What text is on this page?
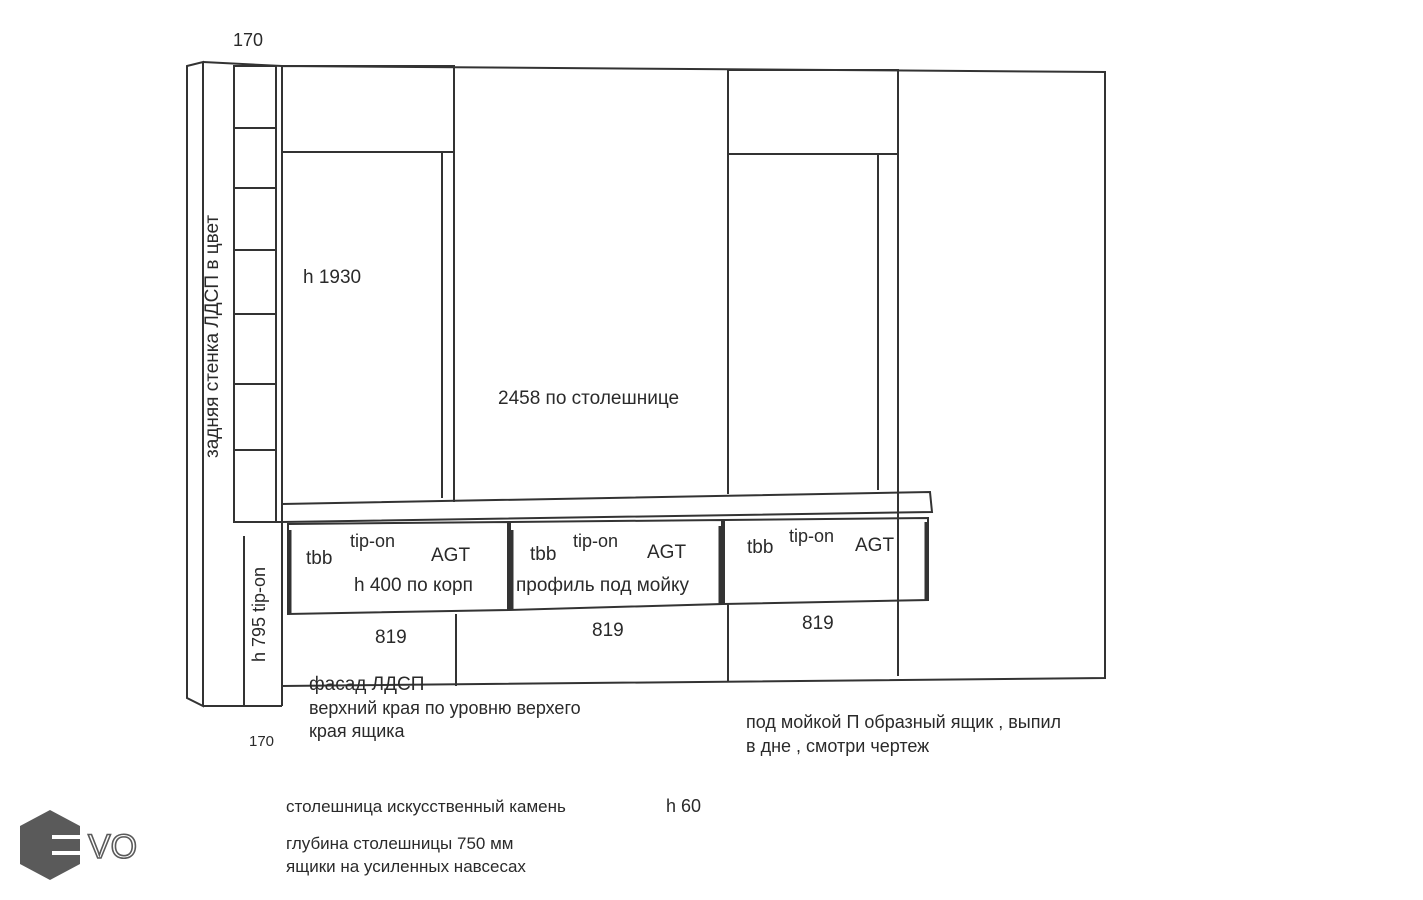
170
170
h 1930
2458 по столешнице
819	819	819
задняя стенка ЛДСП в цвет
h 795 tip-on
tbb
tip-on
AGT
h 400 по корп
tbb
tip-on
AGT
профиль под мойку
tbb
tip-on AGT
фасад ЛДСП
верхний края по уровню верхего
края ящика	под мойкой П образный ящик , выпил
в дне , смотри чертеж
столешница искусственный камень	h 60
глубина столешницы 750 мм
ящики на усиленных навсесах
VO
